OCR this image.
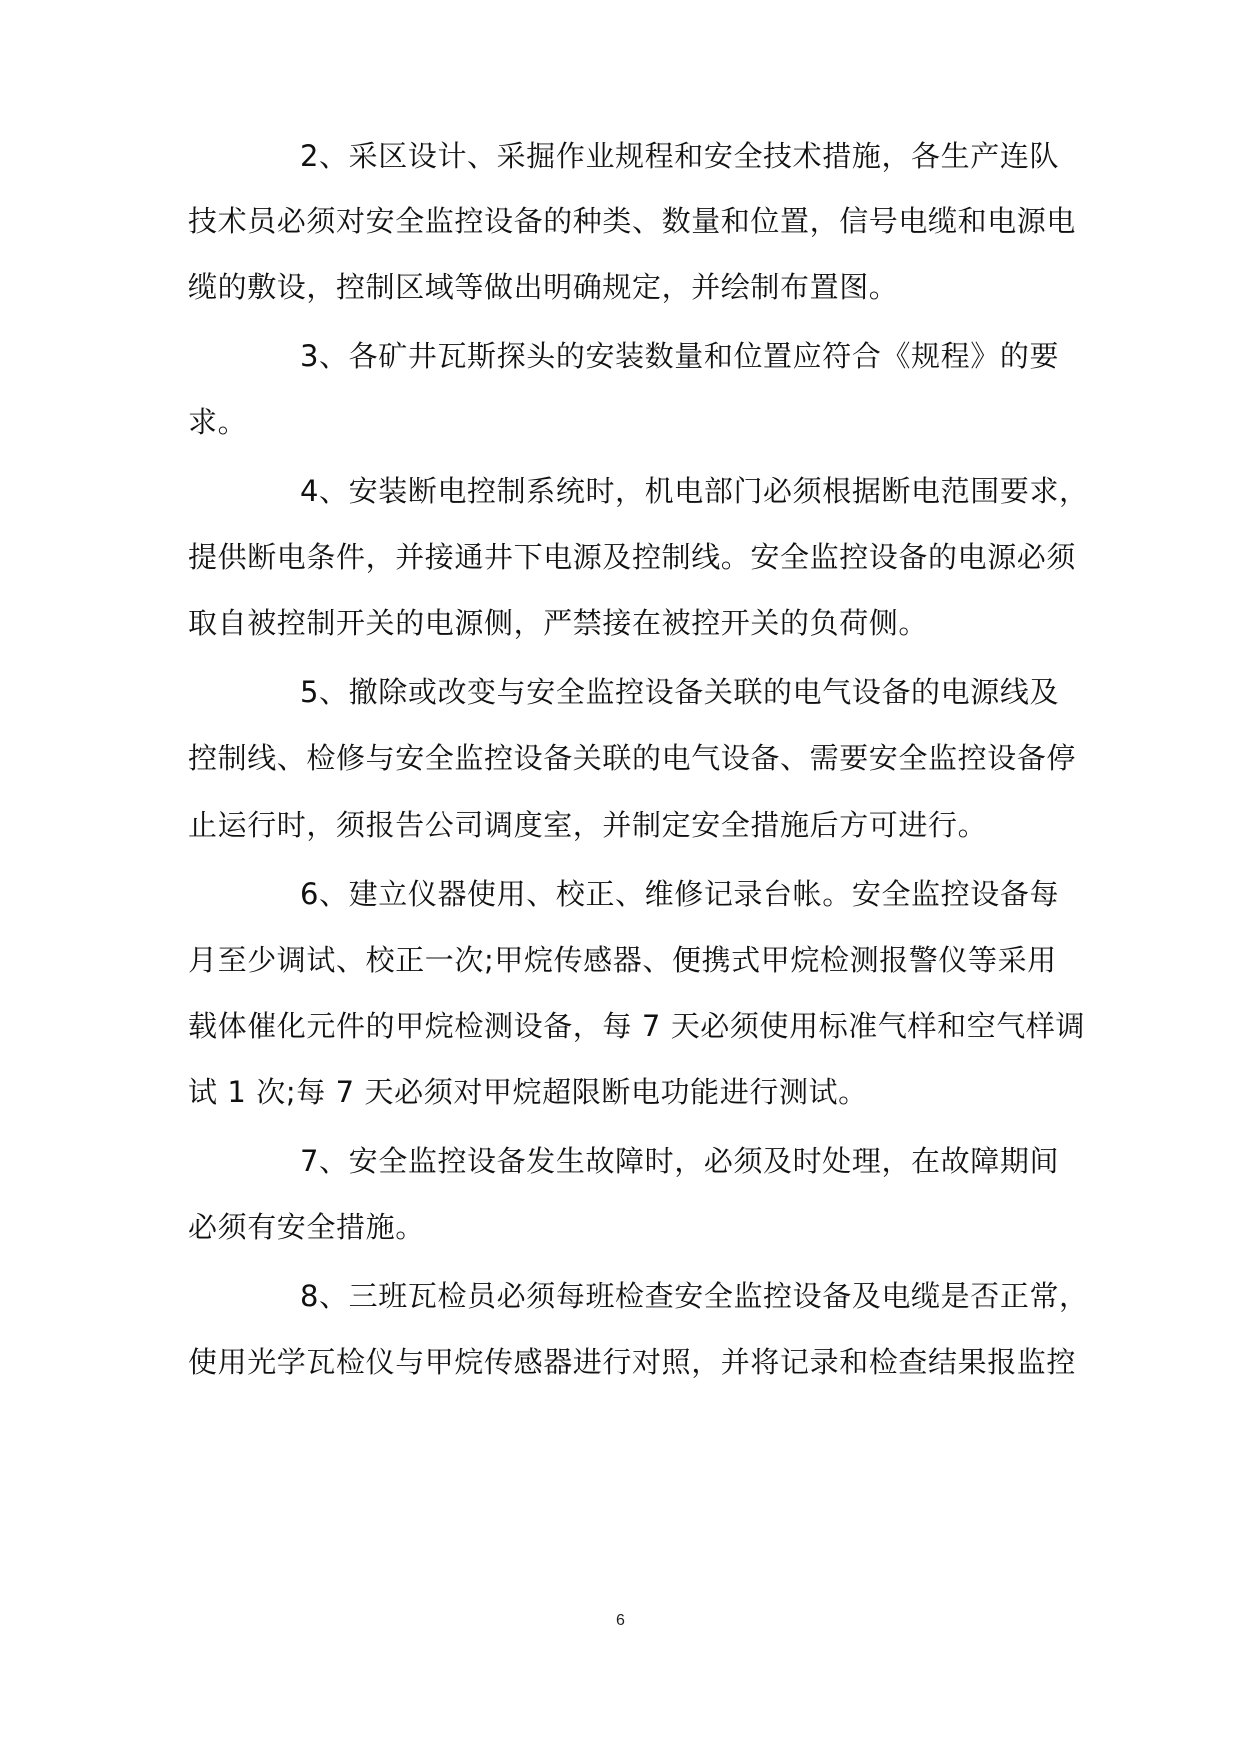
2、采区设计、采掘作业规程和安全技术措施，各生产连队
技术员必须对安全监控设备的种类、数量和位置，信号电缆和电源电
缆的敷设，控制区域等做出明确规定，并绘制布置图。
3、各矿井瓦斯探头的安装数量和位置应符合《规程》的要
求。
4、安装断电控制系统时，机电部门必须根据断电范围要求，
提供断电条件，并接通井下电源及控制线。安全监控设备的电源必须
取自被控制开关的电源侧，严禁接在被控开关的负荷侧。
5、撤除或改变与安全监控设备关联的电气设备的电源线及
控制线、检修与安全监控设备关联的电气设备、需要安全监控设备停
止运行时，须报告公司调度室，并制定安全措施后方可进行。
6、建立仪器使用、校正、维修记录台帐。安全监控设备每
月至少调试、校正一次;甲烷传感器、便携式甲烷检测报警仪等采用
载体催化元件的甲烷检测设备，每 7 天必须使用标准气样和空气样调
试 1 次;每 7 天必须对甲烷超限断电功能进行测试。
7、安全监控设备发生故障时，必须及时处理，在故障期间
必须有安全措施。
8、三班瓦检员必须每班检查安全监控设备及电缆是否正常，
使用光学瓦检仪与甲烷传感器进行对照，并将记录和检查结果报监控
6
